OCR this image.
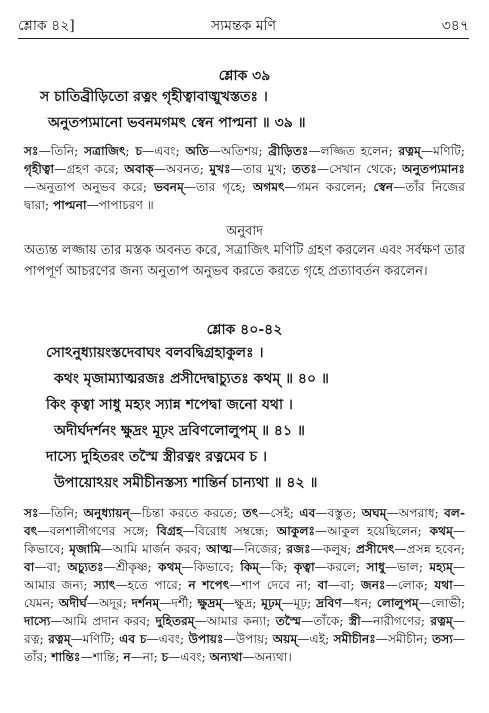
শ্লোক ৪২]	স্যমন্তক মণি	৩৪৭
শ্লোক ৩৯
স চাতিব্রীড়িতো রত্নং গৃহীত্বাবাঙ্মুখস্ততঃ ।
অনুতপ্যমানো ভবনমগমৎ স্বেন পাপ্মনা ॥ ৩৯ ॥
সঃ—তিনি; সত্রাজিৎ; চ—এবং; অতি—অতিশয়; ব্রীড়িতঃ—লজ্জিত হলেন; রত্নম্—মণিটি; গৃহীত্বা—গ্রহণ করে; অবাক্—অবনত; মুখঃ—তার মুখ; ততঃ—সেখান থেকে; অনুতপ্যমানঃ—অনুতাপ অনুভব করে; ভবনম্—তার গৃহে; অগমৎ—গমন করলেন; স্বেন—তাঁর নিজের দ্বারা; পাপ্মনা—পাপাচরণ ॥
অনুবাদ
অত্যন্ত লজ্জায় তার মস্তক অবনত করে, সত্রাজিৎ মণিটি গ্রহণ করলেন এবং সর্বক্ষণ তার পাপপূর্ণ আচরণের জন্য অনুতাপ অনুভব করতে করতে গৃহে প্রত্যাবর্তন করলেন।
শ্লোক ৪০-৪২
সোঽনুধ্যায়ংস্তদেবাঘং বলবদ্বিগ্রহাকুলঃ ।
কথং মৃজাম্যাত্মরজঃ প্রসীদেদ্বাচ্যুতঃ কথম্ ॥ ৪০ ॥
কিং কৃত্বা সাধু মহ্যং স্যান্ন শপেদ্বা জনো যথা ।
অদীর্ঘদর্শনং ক্ষুদ্রং মূঢ়ং দ্রবিণলোলুপম্ ॥ ৪১ ॥
দাস্যে দুহিতরং তস্মৈ স্ত্রীরত্নং রত্নমেব চ ।
উপায়োঽয়ং সমীচীনস্তস্য শান্তির্ন চান্যথা ॥ ৪২ ॥
সঃ—তিনি; অনুধ্যায়ন্—চিন্তা করতে করতে; তৎ—সেই; এব—বস্তুত; অঘম্—অপরাধ; বল-বৎ—বলশালীগণের সঙ্গে; বিগ্রহ—বিরোধ সম্বন্ধে; আকুলঃ—আকুল হয়েছিলেন; কথম্—কিভাবে; মৃজামি—আমি মার্জন করব; আত্ম—নিজের; রজঃ—কলুষ; প্রসীদেৎ—প্রসন্ন হবেন; বা—বা; অচ্যুতঃ—শ্রীকৃষ্ণ; কথম্—কিভাবে; কিম্—কি; কৃত্বা—করলে; সাধু—ভাল; মহ্যম্—আমার জন্য; স্যাৎ—হতে পারে; ন শপেৎ—শাপ দেবে না; বা—বা; জনঃ—লোক; যথা—যেমন; অদীর্ঘ—অদূর; দর্শনম্—দর্শী; ক্ষুদ্রম্—ক্ষুদ্র; মূঢ়ম্—মূঢ়; দ্রবিণ—ধন; লোলুপম্—লোভী; দাস্যে—আমি প্রদান করব; দুহিতরম্—আমার কন্যা; তস্মৈ—তাঁকে; স্ত্রী—নারীগণের; রত্নম্—রত্ন; রত্নম্—মণিটি; এব চ—এবং; উপায়ঃ—উপায়; অয়ম্—এই; সমীচীনঃ—সমীচীন; তস্য—তাঁর; শান্তিঃ—শান্তি; ন—না; চ—এবং; অন্যথা—অন্যথা।
